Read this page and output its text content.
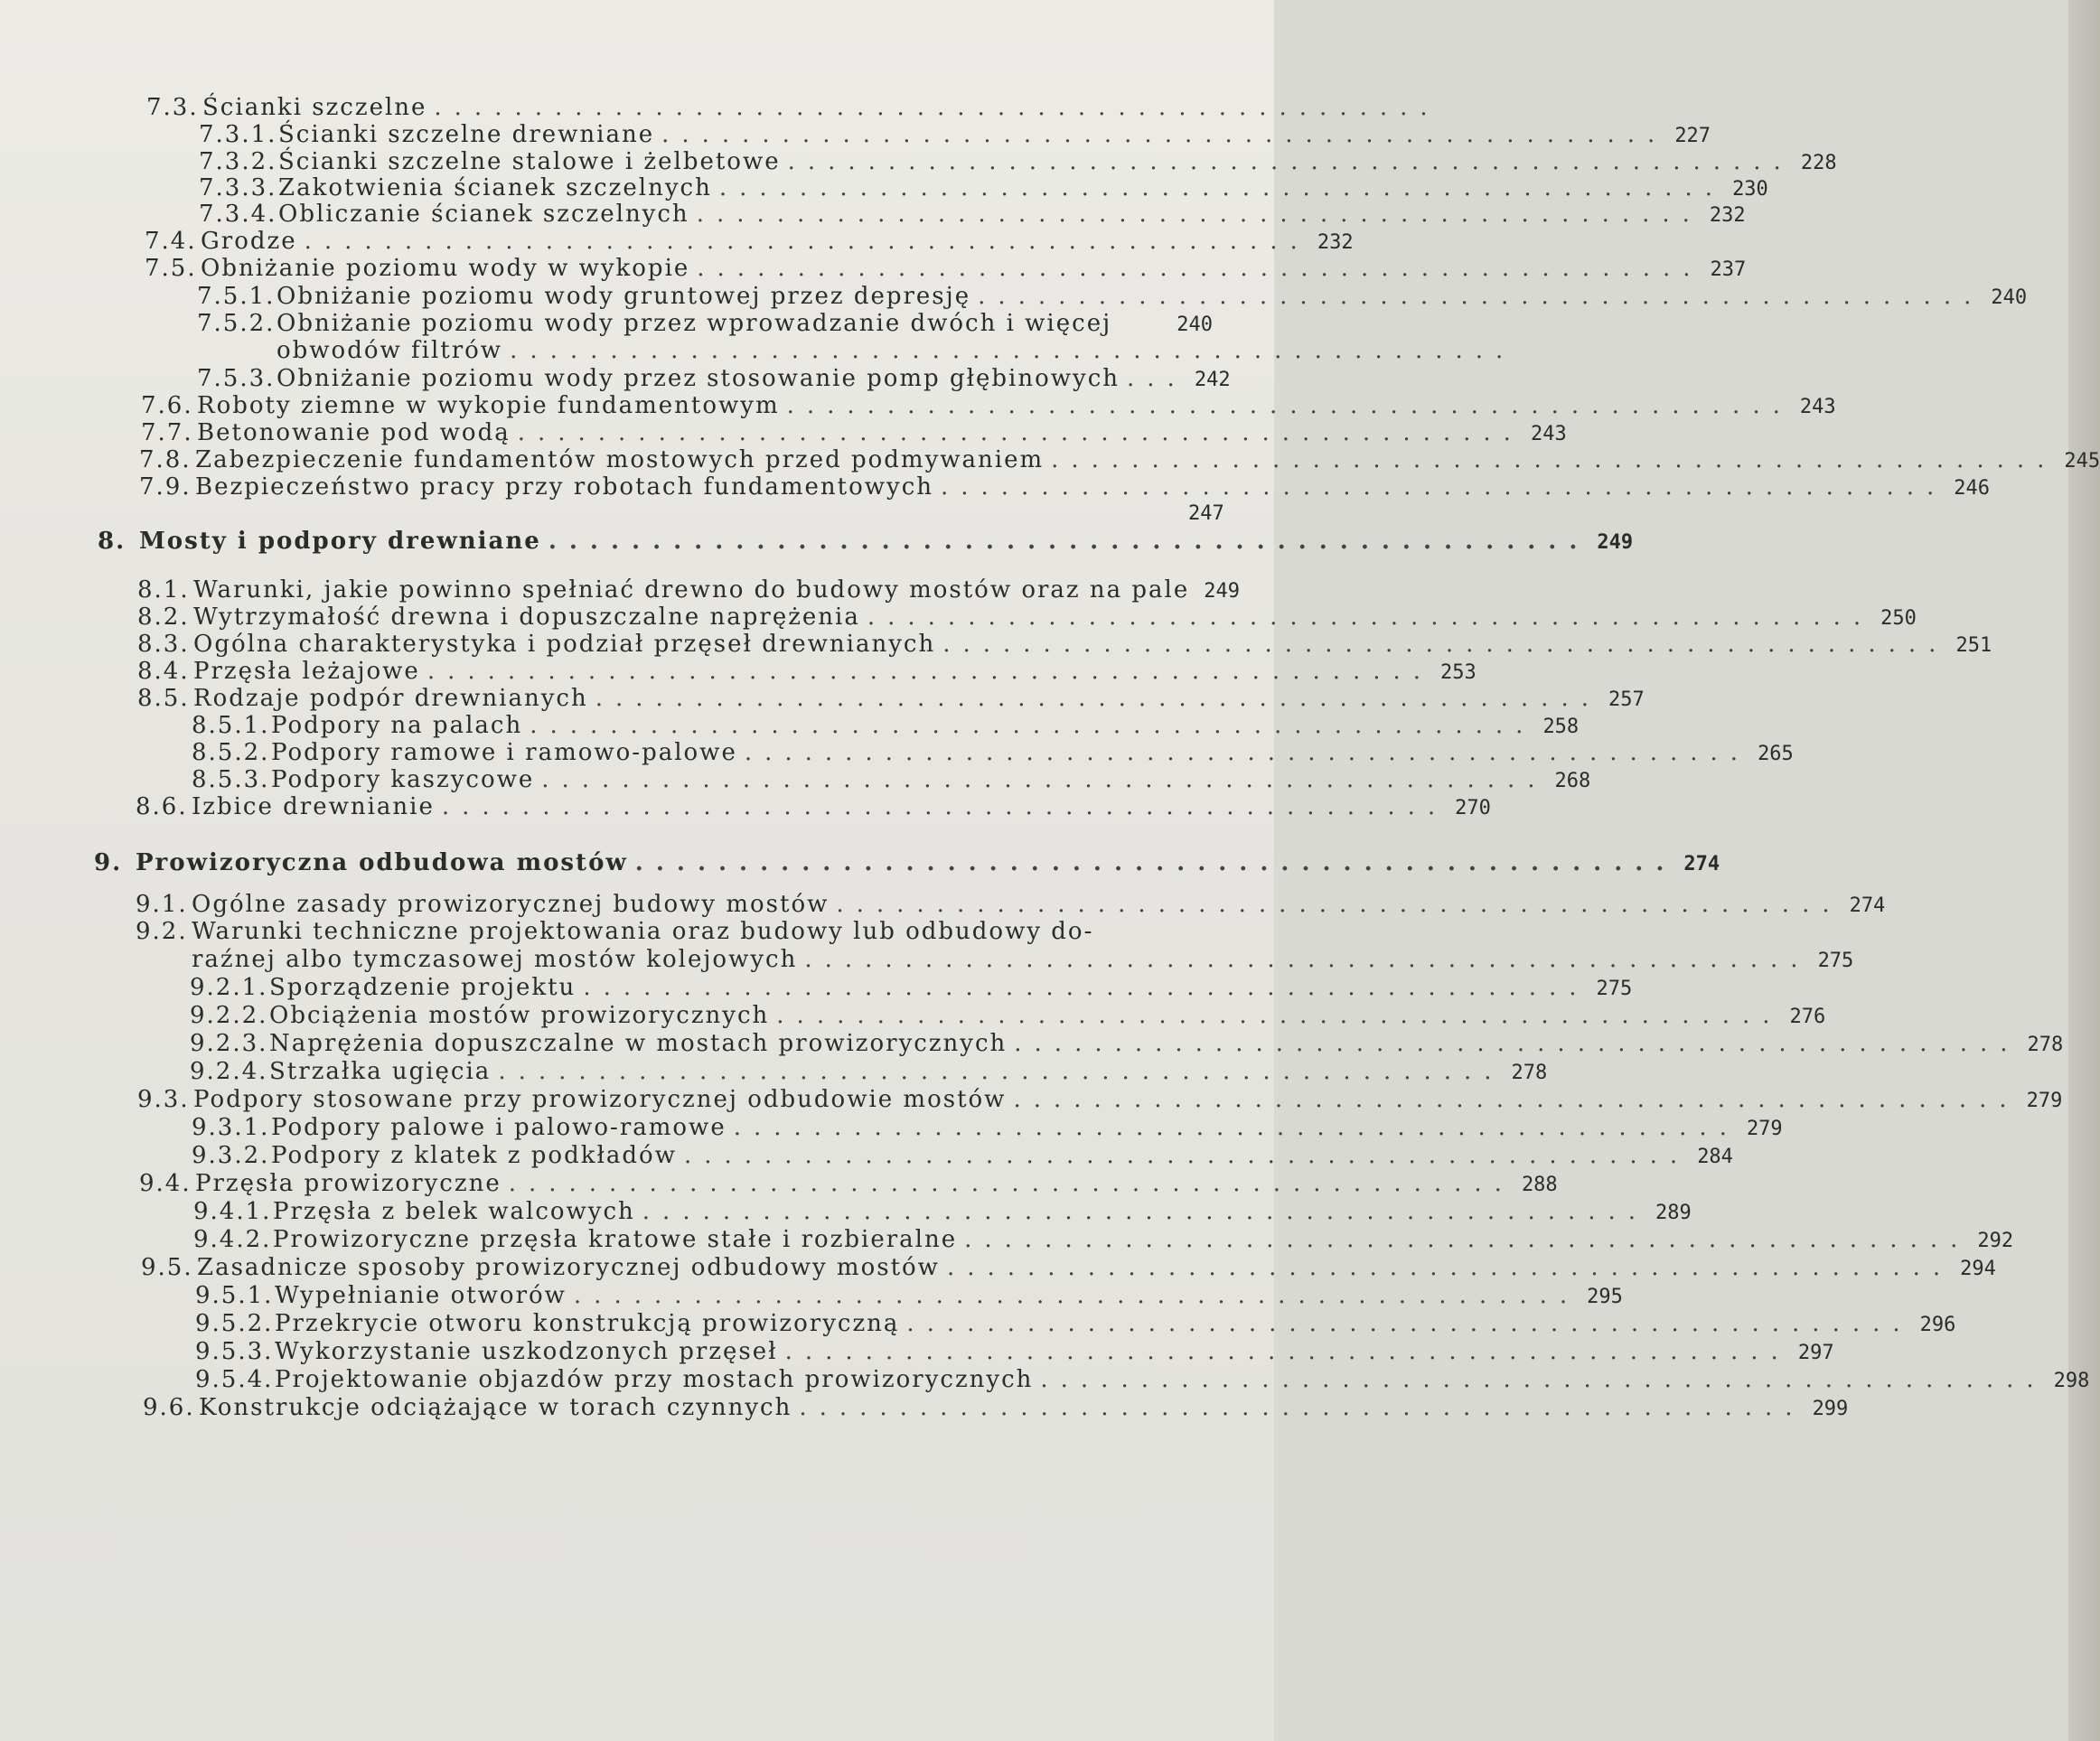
7.3. Ścianki szczelne ..................................................
7.3.1. Ścianki szczelne drewniane .................................................. 227
7.3.2. Ścianki szczelne stalowe i żelbetowe .................................................. 228
7.3.3. Zakotwienia ścianek szczelnych .................................................. 230
7.3.4. Obliczanie ścianek szczelnych .................................................. 232
7.4. Grodze .................................................. 232
7.5. Obniżanie poziomu wody w wykopie .................................................. 237
7.5.1. Obniżanie poziomu wody gruntowej przez depresję .................................................. 240
7.5.2. Obniżanie poziomu wody przez wprowadzanie dwóch i więcej	240
obwodów filtrów ..................................................
7.5.3. Obniżanie poziomu wody przez stosowanie pomp głębinowych ... 242
7.6. Roboty ziemne w wykopie fundamentowym .................................................. 243
7.7. Betonowanie pod wodą .................................................. 243
7.8. Zabezpieczenie fundamentów mostowych przed podmywaniem .................................................. 245
7.9. Bezpieczeństwo pracy przy robotach fundamentowych .................................................. 246
247
8. Mosty i podpory drewniane .................................................. 249
8.1. Warunki, jakie powinno spełniać drewno do budowy mostów oraz na pale 249
8.2. Wytrzymałość drewna i dopuszczalne naprężenia .................................................. 250
8.3. Ogólna charakterystyka i podział przęseł drewnianych .................................................. 251
8.4. Przęsła leżajowe .................................................. 253
8.5. Rodzaje podpór drewnianych .................................................. 257
8.5.1. Podpory na palach .................................................. 258
8.5.2. Podpory ramowe i ramowo-palowe .................................................. 265
8.5.3. Podpory kaszycowe .................................................. 268
8.6. Izbice drewnianie .................................................. 270
9. Prowizoryczna odbudowa mostów .................................................. 274
9.1. Ogólne zasady prowizorycznej budowy mostów .................................................. 274
9.2. Warunki techniczne projektowania oraz budowy lub odbudowy do-
raźnej albo tymczasowej mostów kolejowych .................................................. 275
9.2.1. Sporządzenie projektu .................................................. 275
9.2.2. Obciążenia mostów prowizorycznych .................................................. 276
9.2.3. Naprężenia dopuszczalne w mostach prowizorycznych .................................................. 278
9.2.4. Strzałka ugięcia .................................................. 278
9.3. Podpory stosowane przy prowizorycznej odbudowie mostów .................................................. 279
9.3.1. Podpory palowe i palowo-ramowe .................................................. 279
9.3.2. Podpory z klatek z podkładów .................................................. 284
9.4. Przęsła prowizoryczne .................................................. 288
9.4.1. Przęsła z belek walcowych .................................................. 289
9.4.2. Prowizoryczne przęsła kratowe stałe i rozbieralne .................................................. 292
9.5. Zasadnicze sposoby prowizorycznej odbudowy mostów .................................................. 294
9.5.1. Wypełnianie otworów .................................................. 295
9.5.2. Przekrycie otworu konstrukcją prowizoryczną .................................................. 296
9.5.3. Wykorzystanie uszkodzonych przęseł .................................................. 297
9.5.4. Projektowanie objazdów przy mostach prowizorycznych .................................................. 298
9.6. Konstrukcje odciążające w torach czynnych .................................................. 299
